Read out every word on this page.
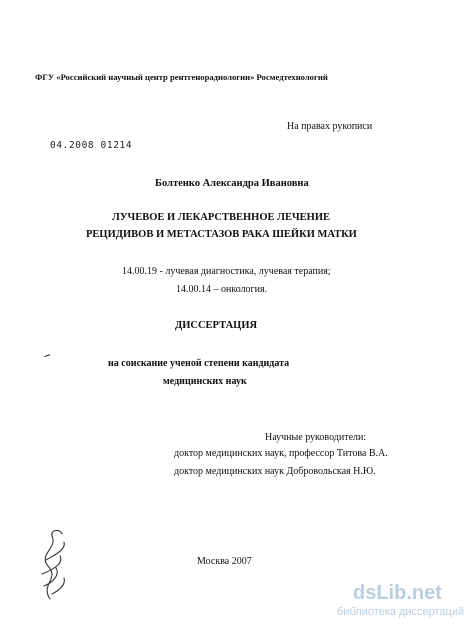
ФГУ «Российский научный центр рентгенорадиологии» Росмедтехнологий
На правах рукописи
04.2008 01214
Болтенко Александра Ивановна
ЛУЧЕВОЕ И ЛЕКАРСТВЕННОЕ ЛЕЧЕНИЕ
РЕЦИДИВОВ И МЕТАСТАЗОВ РАКА ШЕЙКИ МАТКИ
14.00.19 - лучевая диагностика, лучевая терапия;
14.00.14 – онкология.
ДИССЕРТАЦИЯ
на соискание ученой степени кандидата
медицинских наук
Научные руководители:
доктор медицинских наук, профессор Титова В.А.
доктор медицинских наук Добровольская Н.Ю.
Москва 2007
dsLib.net
библиотека диссертаций
